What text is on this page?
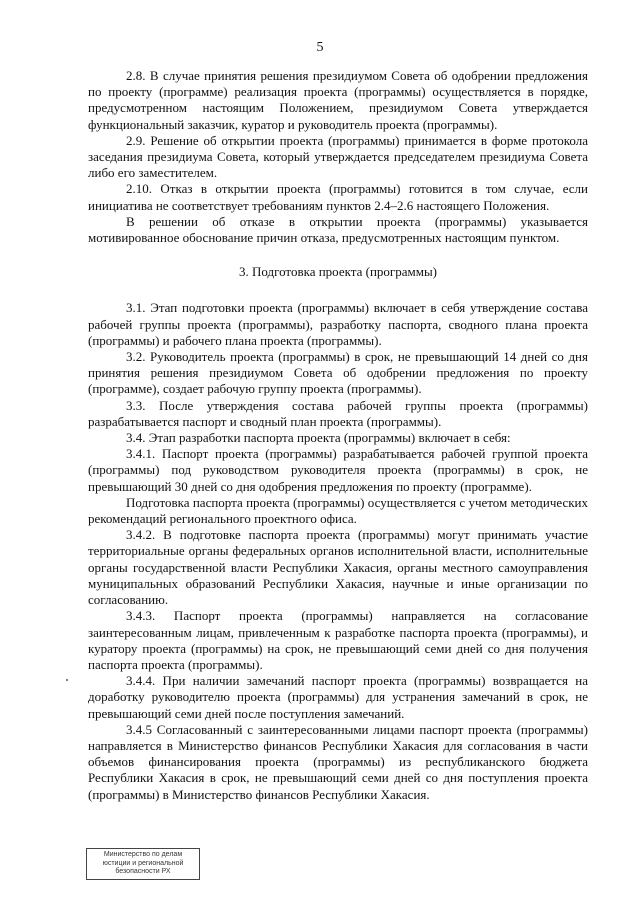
5

2.8. В случае принятия решения президиумом Совета об одобрении предложения по проекту (программе) реализация проекта (программы) осуществляется в порядке, предусмотренном настоящим Положением, президиумом Совета утверждается функциональный заказчик, куратор и руководитель проекта (программы).

2.9. Решение об открытии проекта (программы) принимается в форме протокола заседания президиума Совета, который утверждается председателем президиума Совета либо его заместителем.

2.10. Отказ в открытии проекта (программы) готовится в том случае, если инициатива не соответствует требованиям пунктов 2.4–2.6 настоящего Положения.

В решении об отказе в открытии проекта (программы) указывается мотивированное обоснование причин отказа, предусмотренных настоящим пунктом.

3. Подготовка проекта (программы)

3.1. Этап подготовки проекта (программы) включает в себя утверждение состава рабочей группы проекта (программы), разработку паспорта, сводного плана проекта (программы) и рабочего плана проекта (программы).

3.2. Руководитель проекта (программы) в срок, не превышающий 14 дней со дня принятия решения президиумом Совета об одобрении предложения по проекту (программе), создает рабочую группу проекта (программы).

3.3. После утверждения состава рабочей группы проекта (программы) разрабатывается паспорт и сводный план проекта (программы).

3.4. Этап разработки паспорта проекта (программы) включает в себя:

3.4.1. Паспорт проекта (программы) разрабатывается рабочей группой проекта (программы) под руководством руководителя проекта (программы) в срок, не превышающий 30 дней со дня одобрения предложения по проекту (программе).

Подготовка паспорта проекта (программы) осуществляется с учетом методических рекомендаций регионального проектного офиса.

3.4.2. В подготовке паспорта проекта (программы) могут принимать участие территориальные органы федеральных органов исполнительной власти, исполнительные органы государственной власти Республики Хакасия, органы местного самоуправления муниципальных образований Республики Хакасия, научные и иные организации по согласованию.

3.4.3. Паспорт проекта (программы) направляется на согласование заинтересованным лицам, привлеченным к разработке паспорта проекта (программы), и куратору проекта (программы) на срок, не превышающий семи дней со дня получения паспорта проекта (программы).

3.4.4. При наличии замечаний паспорт проекта (программы) возвращается на доработку руководителю проекта (программы) для устранения замечаний в срок, не превышающий семи дней после поступления замечаний.

3.4.5 Согласованный с заинтересованными лицами паспорт проекта (программы) направляется в Министерство финансов Республики Хакасия для согласования в части объемов финансирования проекта (программы) из республиканского бюджета Республики Хакасия в срок, не превышающий семи дней со дня поступления проекта (программы) в Министерство финансов Республики Хакасия.

Министерство по делам
юстиции и региональной
безопасности РХ
